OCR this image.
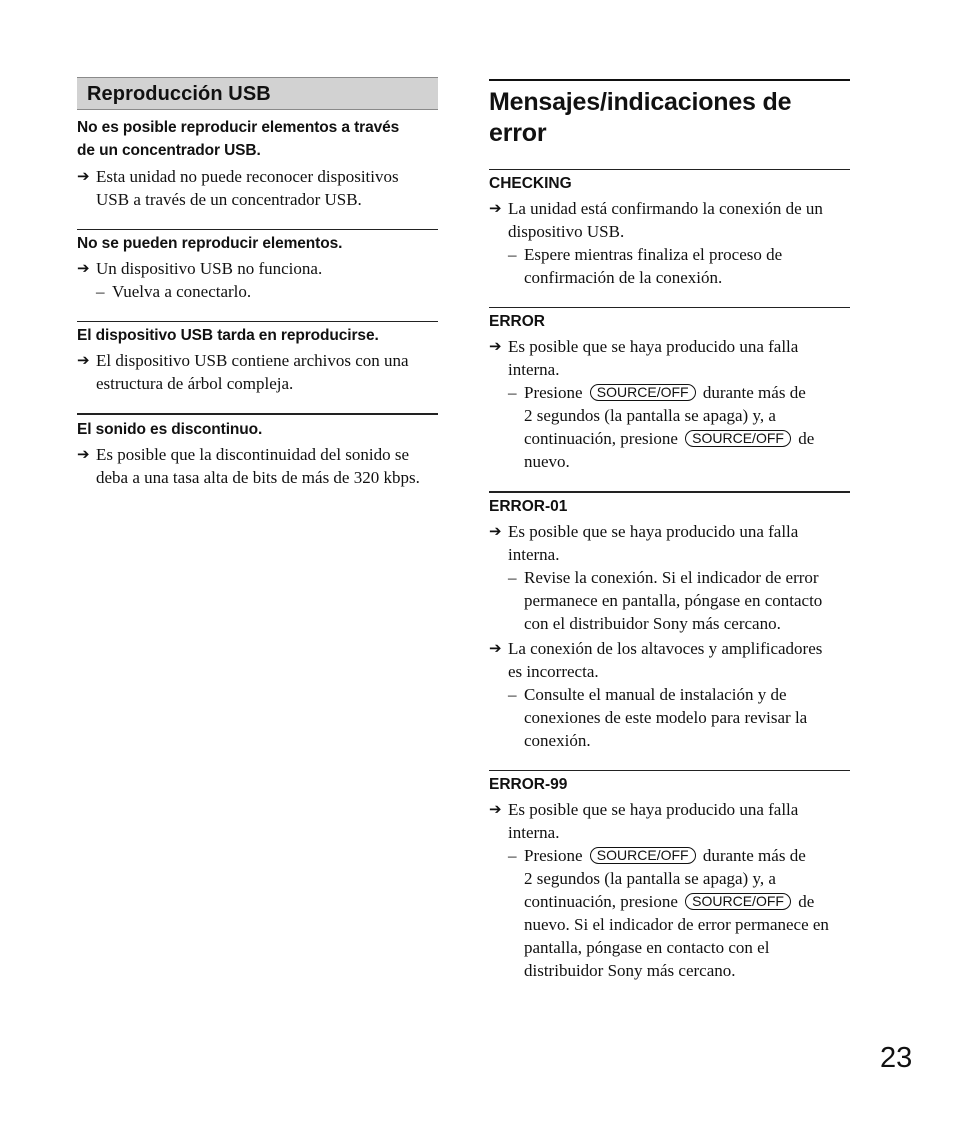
Reproducción USB
No es posible reproducir elementos a través
de un concentrador USB.
➔ Esta unidad no puede reconocer dispositivos
USB a través de un concentrador USB.
No se pueden reproducir elementos.
➔ Un dispositivo USB no funciona.
– Vuelva a conectarlo.
El dispositivo USB tarda en reproducirse.
➔ El dispositivo USB contiene archivos con una
estructura de árbol compleja.
El sonido es discontinuo.
➔ Es posible que la discontinuidad del sonido se
deba a una tasa alta de bits de más de 320 kbps.
Mensajes/indicaciones de
error
CHECKING
➔ La unidad está confirmando la conexión de un
dispositivo USB.
– Espere mientras finaliza el proceso de
confirmación de la conexión.
ERROR
➔ Es posible que se haya producido una falla
interna.
– Presione SOURCE/OFF durante más de
2 segundos (la pantalla se apaga) y, a
continuación, presione SOURCE/OFF de
nuevo.
ERROR-01
➔ Es posible que se haya producido una falla
interna.
– Revise la conexión. Si el indicador de error
permanece en pantalla, póngase en contacto
con el distribuidor Sony más cercano.
➔ La conexión de los altavoces y amplificadores
es incorrecta.
– Consulte el manual de instalación y de
conexiones de este modelo para revisar la
conexión.
ERROR-99
➔ Es posible que se haya producido una falla
interna.
– Presione SOURCE/OFF durante más de
2 segundos (la pantalla se apaga) y, a
continuación, presione SOURCE/OFF de
nuevo. Si el indicador de error permanece en
pantalla, póngase en contacto con el
distribuidor Sony más cercano.
23
